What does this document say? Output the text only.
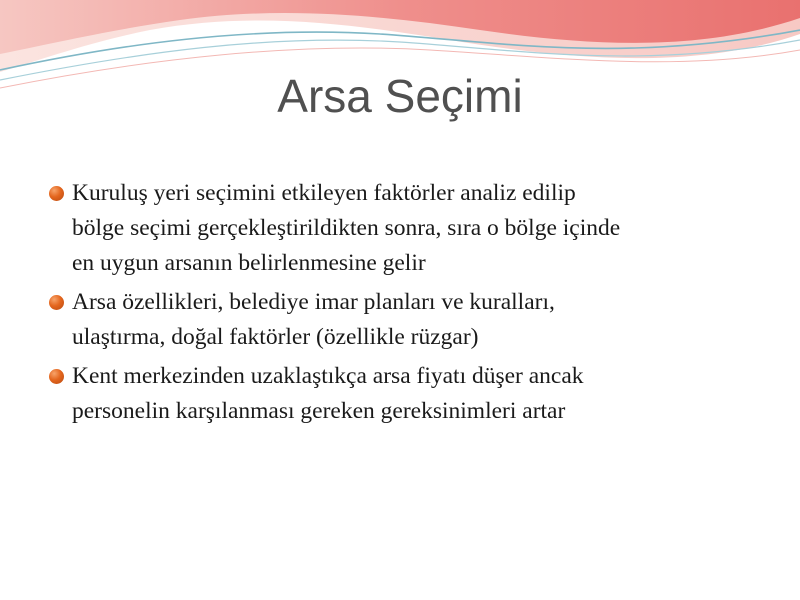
Arsa Seçimi
Kuruluş yeri seçimini etkileyen faktörler analiz edilip
bölge seçimi gerçekleştirildikten sonra, sıra o bölge içinde
en uygun arsanın belirlenmesine gelir
Arsa özellikleri, belediye imar planları ve kuralları,
ulaştırma, doğal faktörler (özellikle rüzgar)
Kent merkezinden uzaklaştıkça arsa fiyatı düşer ancak
personelin karşılanması gereken gereksinimleri artar
